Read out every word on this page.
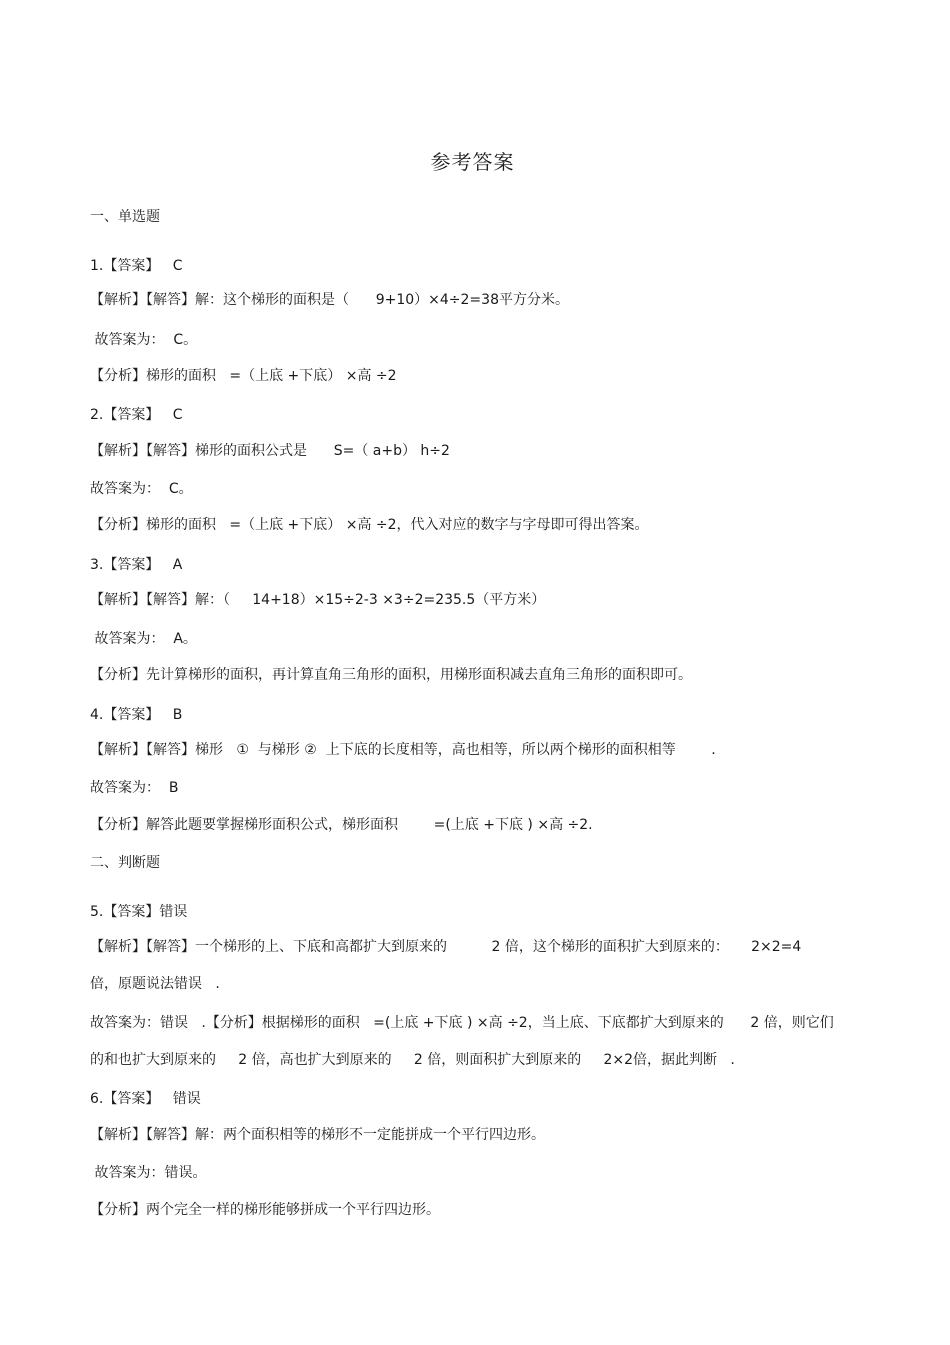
参考答案
一、单选题
1.【答案】   C
【解析】【解答】解：这个梯形的面积是（      9+10）×4÷2=38平方分米。
故答案为：  C。
【分析】梯形的面积   =（上底 +下底） ×高 ÷2
2.【答案】   C
【解析】【解答】梯形的面积公式是      S=（ a+b） h÷2
故答案为：  C。
【分析】梯形的面积   =（上底 +下底） ×高 ÷2，代入对应的数字与字母即可得出答案。
3.【答案】   A
【解析】【解答】解：（     14+18）×15÷2-3 ×3÷2=235.5（平方米）
故答案为：  A。
【分析】先计算梯形的面积，再计算直角三角形的面积，用梯形面积减去直角三角形的面积即可。
4.【答案】   B
【解析】【解答】梯形   ①  与梯形 ②  上下底的长度相等，高也相等，所以两个梯形的面积相等        .
故答案为：  B
【分析】解答此题要掌握梯形面积公式，梯形面积        =(上底 +下底 ) ×高 ÷2.
二、判断题
5.【答案】错误
【解析】【解答】一个梯形的上、下底和高都扩大到原来的          2 倍，这个梯形的面积扩大到原来的：     2×2=4
倍，原题说法错误   .
故答案为：错误   .【分析】根据梯形的面积   =(上底 +下底 ) ×高 ÷2，当上底、下底都扩大到原来的      2 倍，则它们
的和也扩大到原来的     2 倍，高也扩大到原来的     2 倍，则面积扩大到原来的     2×2倍，据此判断   .
6.【答案】   错误
【解析】【解答】解：两个面积相等的梯形不一定能拼成一个平行四边形。
故答案为：错误。
【分析】两个完全一样的梯形能够拼成一个平行四边形。
